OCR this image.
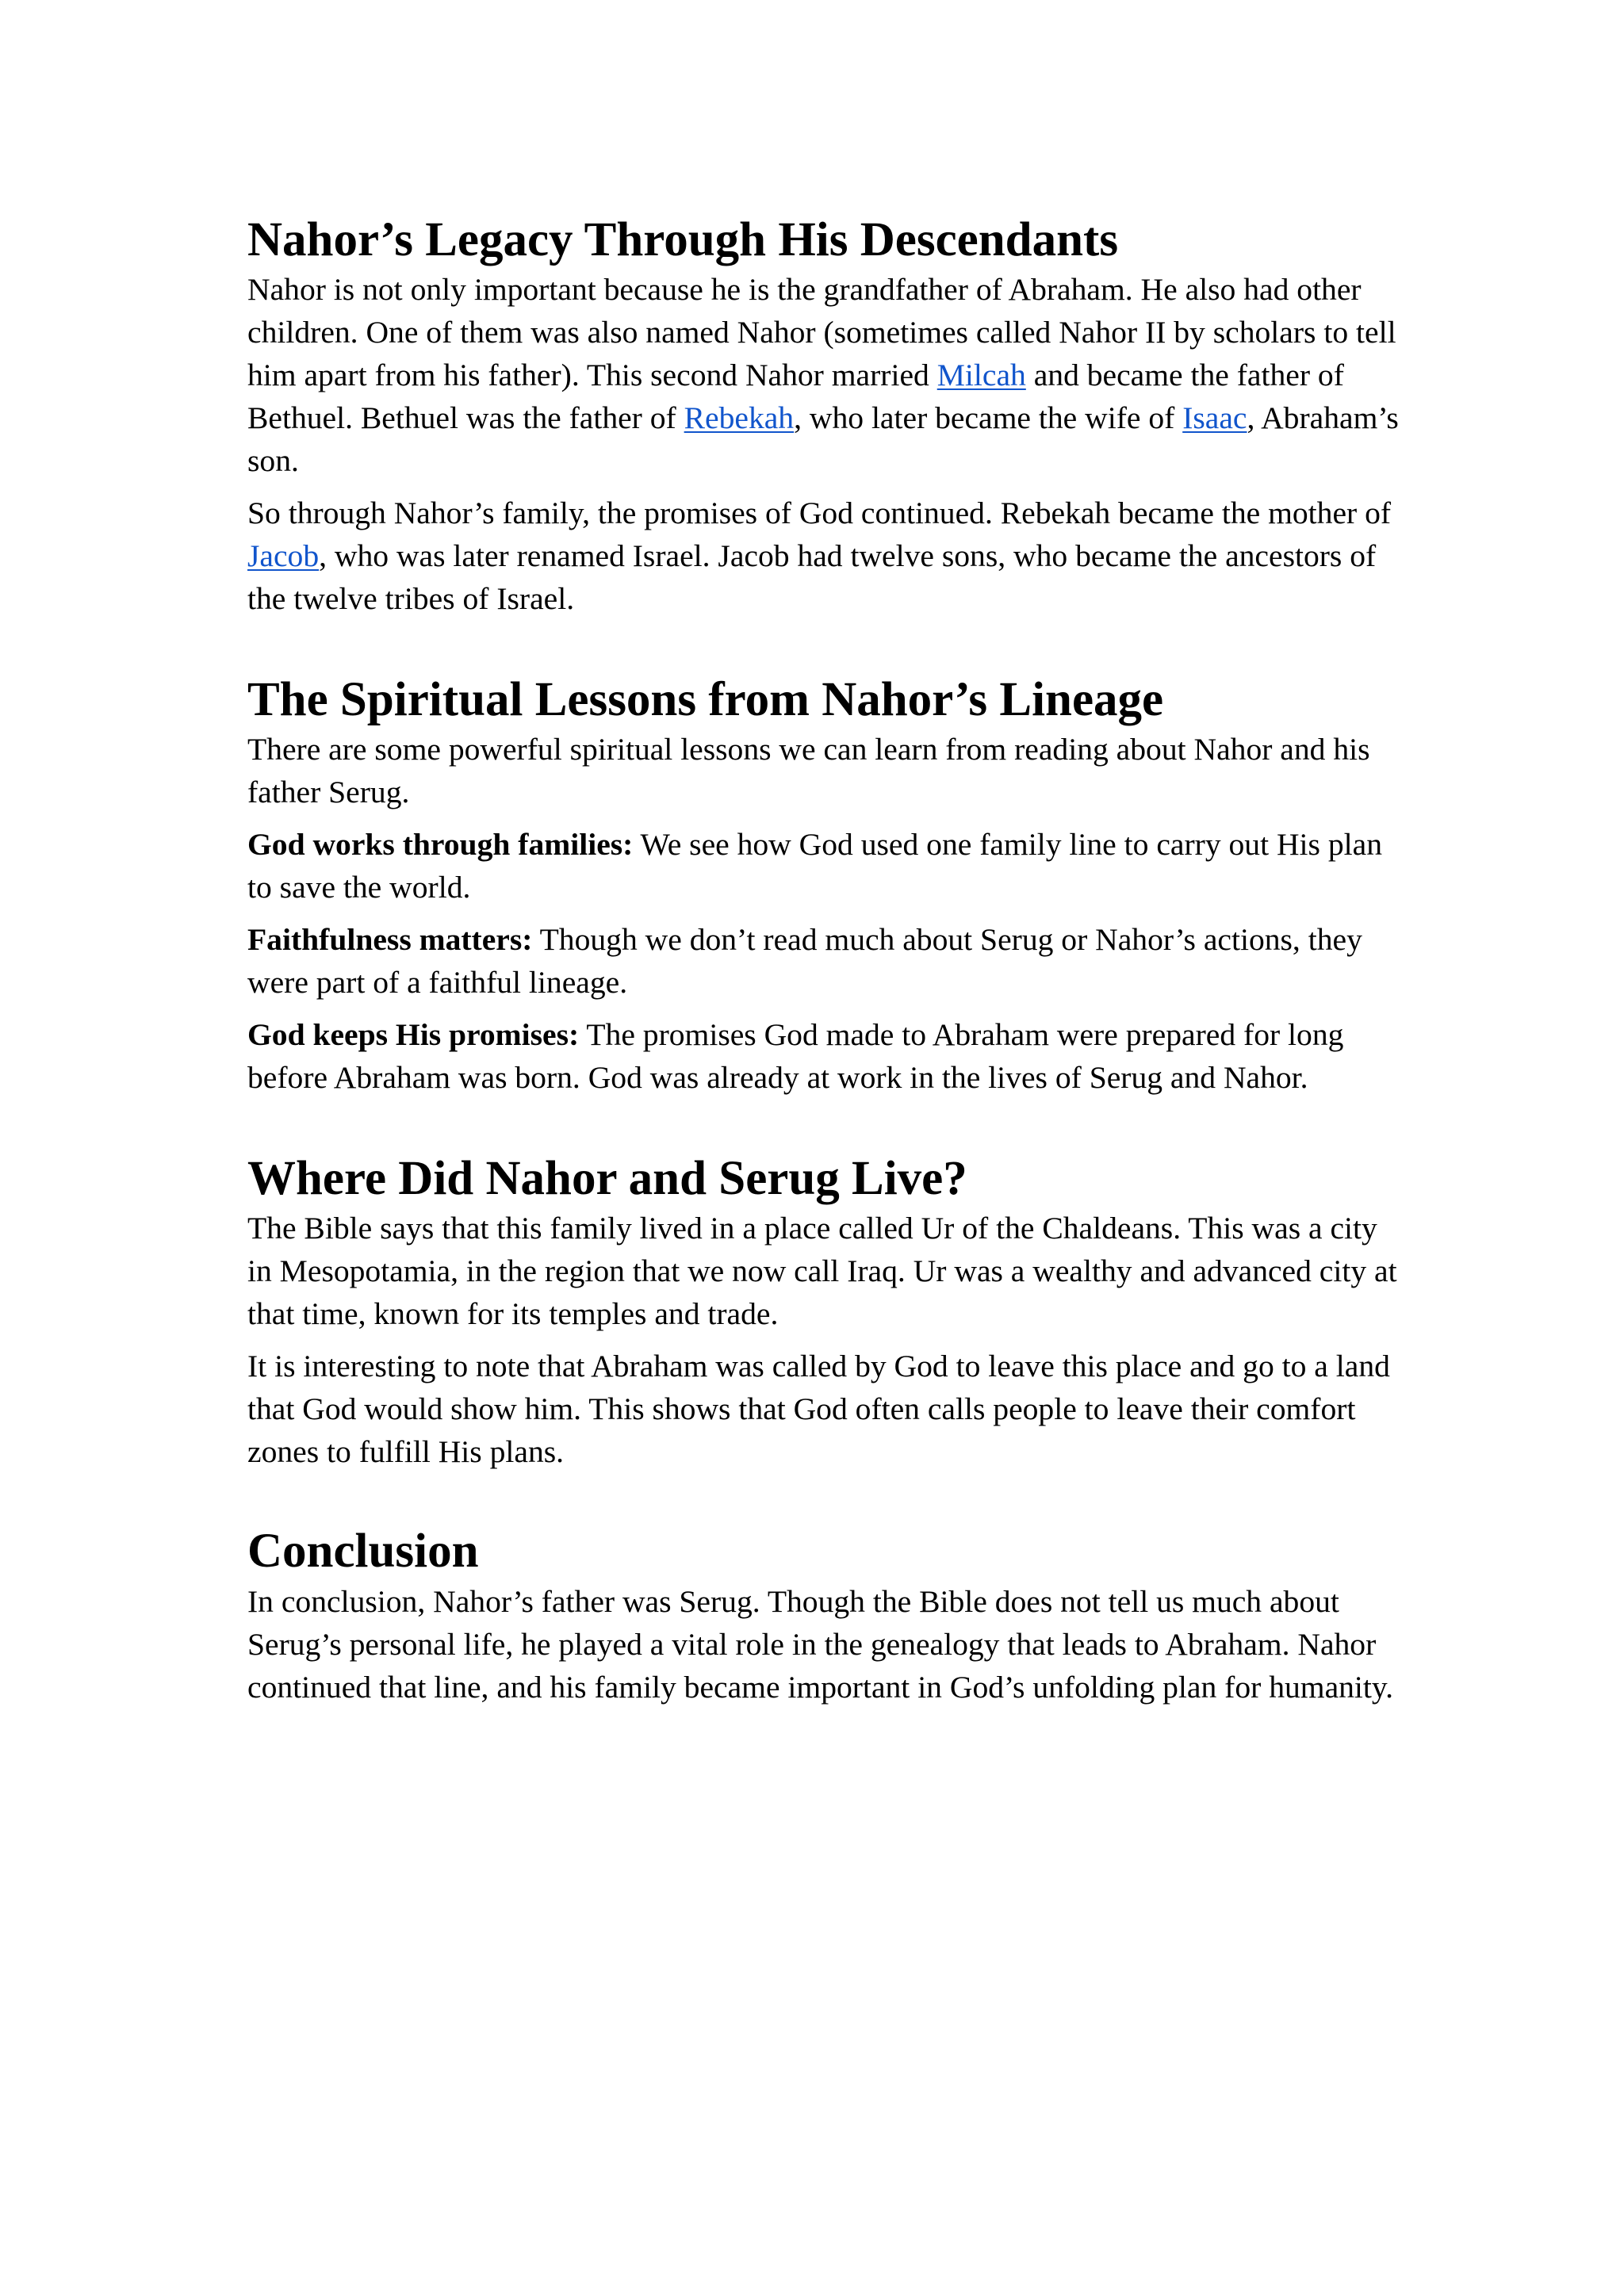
Nahor’s Legacy Through His Descendants

Nahor is not only important because he is the grandfather of Abraham. He also had other children. One of them was also named Nahor (sometimes called Nahor II by scholars to tell him apart from his father). This second Nahor married Milcah and became the father of Bethuel. Bethuel was the father of Rebekah, who later became the wife of Isaac, Abraham’s son.

So through Nahor’s family, the promises of God continued. Rebekah became the mother of Jacob, who was later renamed Israel. Jacob had twelve sons, who became the ancestors of the twelve tribes of Israel.

The Spiritual Lessons from Nahor’s Lineage

There are some powerful spiritual lessons we can learn from reading about Nahor and his father Serug.

God works through families: We see how God used one family line to carry out His plan to save the world.

Faithfulness matters: Though we don’t read much about Serug or Nahor’s actions, they were part of a faithful lineage.

God keeps His promises: The promises God made to Abraham were prepared for long before Abraham was born. God was already at work in the lives of Serug and Nahor.

Where Did Nahor and Serug Live?

The Bible says that this family lived in a place called Ur of the Chaldeans. This was a city in Mesopotamia, in the region that we now call Iraq. Ur was a wealthy and advanced city at that time, known for its temples and trade.

It is interesting to note that Abraham was called by God to leave this place and go to a land that God would show him. This shows that God often calls people to leave their comfort zones to fulfill His plans.

Conclusion

In conclusion, Nahor’s father was Serug. Though the Bible does not tell us much about Serug’s personal life, he played a vital role in the genealogy that leads to Abraham. Nahor continued that line, and his family became important in God’s unfolding plan for humanity.
